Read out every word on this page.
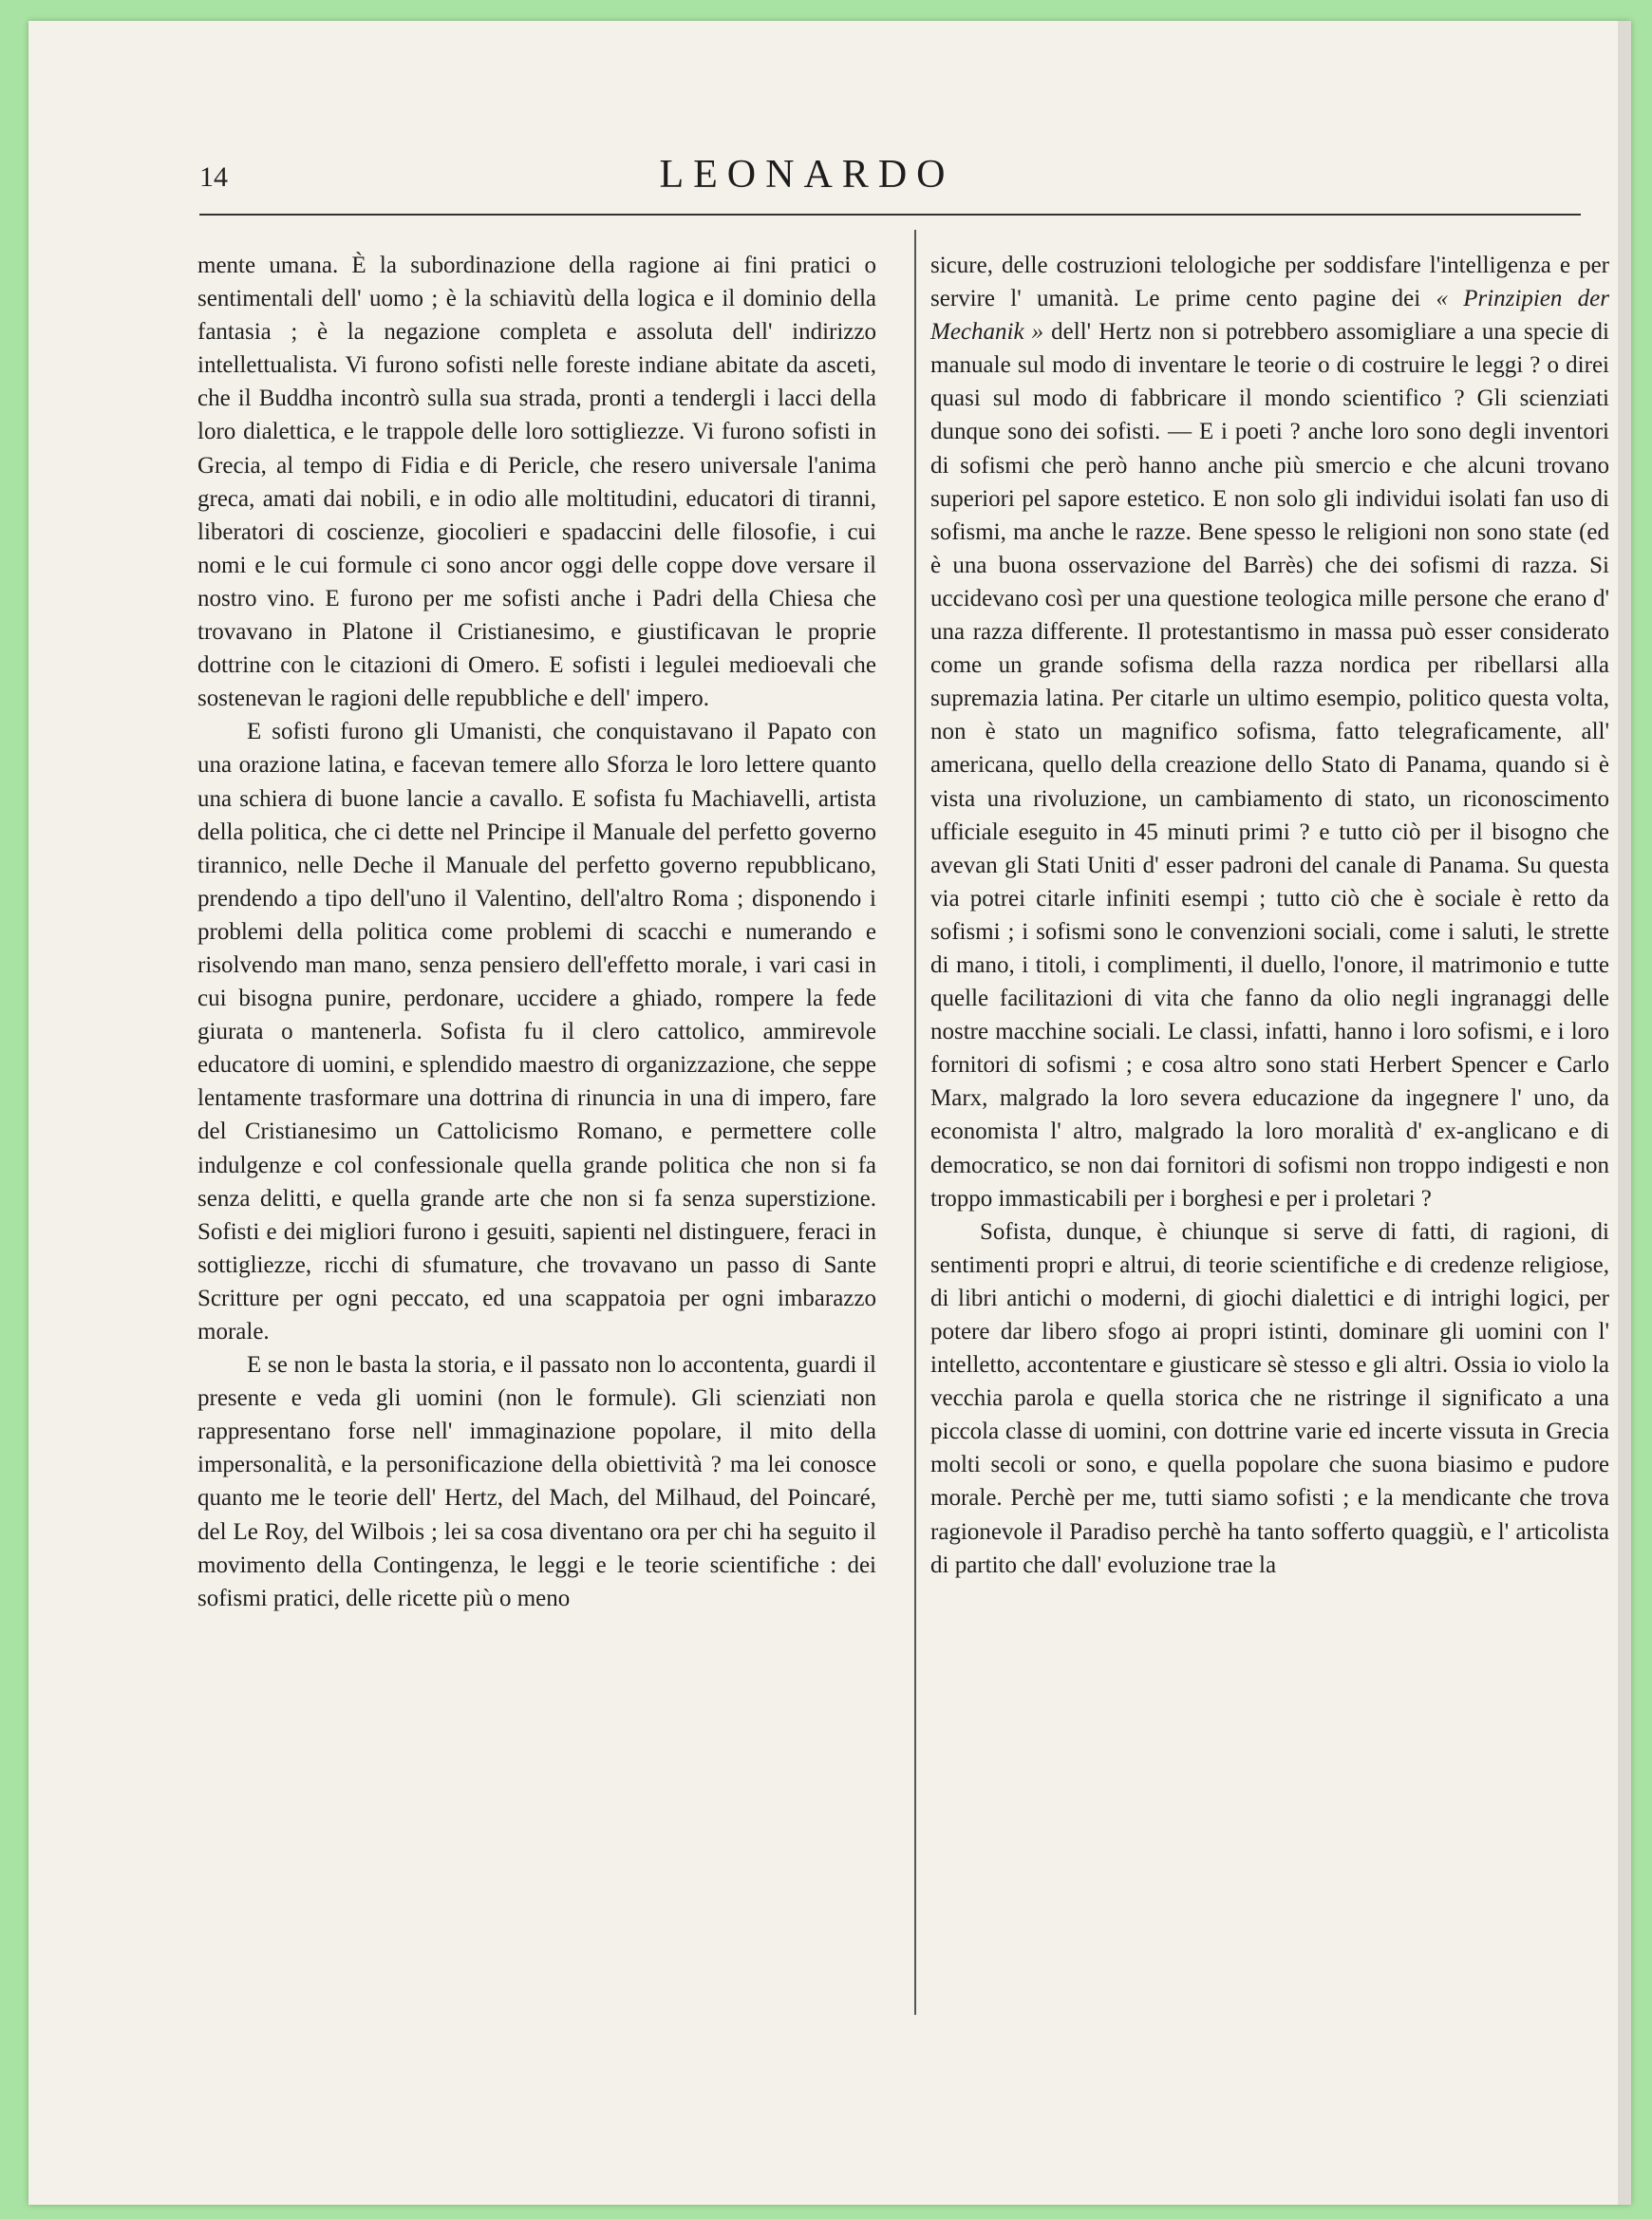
14	LEONARDO

mente umana. È la subordinazione della ragione ai fini pratici o sentimentali dell' uomo ; è la schiavitù della logica e il dominio della fantasia ; è la negazione completa e assoluta dell' indirizzo intellettualista. Vi furono sofisti nelle foreste indiane abitate da asceti, che il Buddha incontrò sulla sua strada, pronti a tendergli i lacci della loro dialettica, e le trappole delle loro sottigliezze. Vi furono sofisti in Grecia, al tempo di Fidia e di Pericle, che resero universale l'anima greca, amati dai nobili, e in odio alle moltitudini, educatori di tiranni, liberatori di coscienze, giocolieri e spadaccini delle filosofie, i cui nomi e le cui formule ci sono ancor oggi delle coppe dove versare il nostro vino. E furono per me sofisti anche i Padri della Chiesa che trovavano in Platone il Cristianesimo, e giustificavan le proprie dottrine con le citazioni di Omero. E sofisti i legulei medioevali che sostenevan le ragioni delle repubbliche e dell' impero.

E sofisti furono gli Umanisti, che conquistavano il Papato con una orazione latina, e facevan temere allo Sforza le loro lettere quanto una schiera di buone lancie a cavallo. E sofista fu Machiavelli, artista della politica, che ci dette nel Principe il Manuale del perfetto governo tirannico, nelle Deche il Manuale del perfetto governo repubblicano, prendendo a tipo dell'uno il Valentino, dell'altro Roma ; disponendo i problemi della politica come problemi di scacchi e numerando e risolvendo man mano, senza pensiero dell'effetto morale, i vari casi in cui bisogna punire, perdonare, uccidere a ghiado, rompere la fede giurata o mantenerla. Sofista fu il clero cattolico, ammirevole educatore di uomini, e splendido maestro di organizzazione, che seppe lentamente trasformare una dottrina di rinuncia in una di impero, fare del Cristianesimo un Cattolicismo Romano, e permettere colle indulgenze e col confessionale quella grande politica che non si fa senza delitti, e quella grande arte che non si fa senza superstizione. Sofisti e dei migliori furono i gesuiti, sapienti nel distinguere, feraci in sottigliezze, ricchi di sfumature, che trovavano un passo di Sante Scritture per ogni peccato, ed una scappatoia per ogni imbarazzo morale.

E se non le basta la storia, e il passato non lo accontenta, guardi il presente e veda gli uomini (non le formule). Gli scienziati non rappresentano forse nell' immaginazione popolare, il mito della impersonalità, e la personificazione della obiettività ? ma lei conosce quanto me le teorie dell' Hertz, del Mach, del Milhaud, del Poincaré, del Le Roy, del Wilbois ; lei sa cosa diventano ora per chi ha seguito il movimento della Contingenza, le leggi e le teorie scientifiche : dei sofismi pratici, delle ricette più o meno

sicure, delle costruzioni telologiche per soddisfare l'intelligenza e per servire l' umanità. Le prime cento pagine dei « Prinzipien der Mechanik » dell' Hertz non si potrebbero assomigliare a una specie di manuale sul modo di inventare le teorie o di costruire le leggi ? o direi quasi sul modo di fabbricare il mondo scientifico ? Gli scienziati dunque sono dei sofisti. — E i poeti ? anche loro sono degli inventori di sofismi che però hanno anche più smercio e che alcuni trovano superiori pel sapore estetico. E non solo gli individui isolati fan uso di sofismi, ma anche le razze. Bene spesso le religioni non sono state (ed è una buona osservazione del Barrès) che dei sofismi di razza. Si uccidevano così per una questione teologica mille persone che erano d' una razza differente. Il protestantismo in massa può esser considerato come un grande sofisma della razza nordica per ribellarsi alla supremazia latina. Per citarle un ultimo esempio, politico questa volta, non è stato un magnifico sofisma, fatto telegraficamente, all' americana, quello della creazione dello Stato di Panama, quando si è vista una rivoluzione, un cambiamento di stato, un riconoscimento ufficiale eseguito in 45 minuti primi ? e tutto ciò per il bisogno che avevan gli Stati Uniti d' esser padroni del canale di Panama. Su questa via potrei citarle infiniti esempi ; tutto ciò che è sociale è retto da sofismi ; i sofismi sono le convenzioni sociali, come i saluti, le strette di mano, i titoli, i complimenti, il duello, l'onore, il matrimonio e tutte quelle facilitazioni di vita che fanno da olio negli ingranaggi delle nostre macchine sociali. Le classi, infatti, hanno i loro sofismi, e i loro fornitori di sofismi ; e cosa altro sono stati Herbert Spencer e Carlo Marx, malgrado la loro severa educazione da ingegnere l' uno, da economista l' altro, malgrado la loro moralità d' ex-anglicano e di democratico, se non dai fornitori di sofismi non troppo indigesti e non troppo immasticabili per i borghesi e per i proletari ?

Sofista, dunque, è chiunque si serve di fatti, di ragioni, di sentimenti propri e altrui, di teorie scientifiche e di credenze religiose, di libri antichi o moderni, di giochi dialettici e di intrighi logici, per potere dar libero sfogo ai propri istinti, dominare gli uomini con l' intelletto, accontentare e giusticare sè stesso e gli altri. Ossia io violo la vecchia parola e quella storica che ne ristringe il significato a una piccola classe di uomini, con dottrine varie ed incerte vissuta in Grecia molti secoli or sono, e quella popolare che suona biasimo e pudore morale. Perchè per me, tutti siamo sofisti ; e la mendicante che trova ragionevole il Paradiso perchè ha tanto sofferto quaggiù, e l' articolista di partito che dall' evoluzione trae la
